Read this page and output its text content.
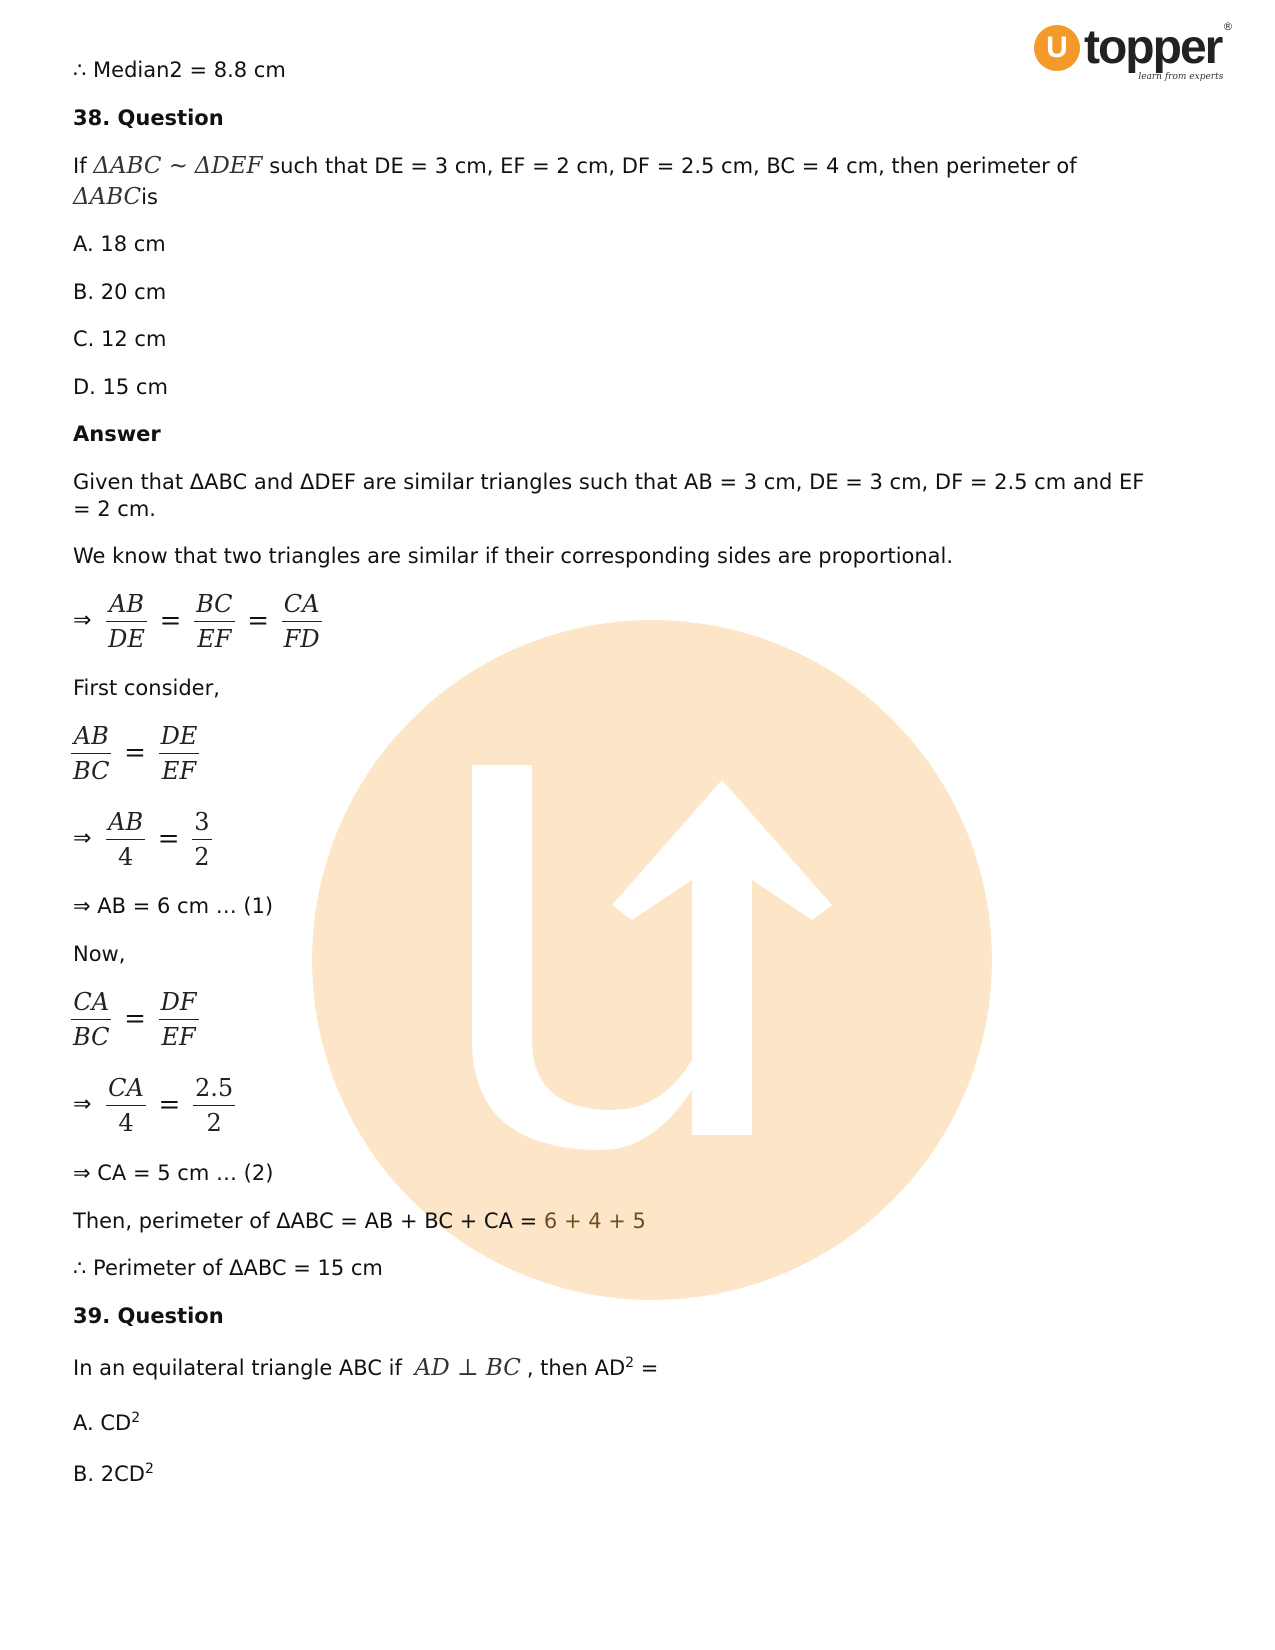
U topper ®
learn from experts
∴ Median2 = 8.8 cm
38. Question
If ΔABC ~ ΔDEF such that DE = 3 cm, EF = 2 cm, DF = 2.5 cm, BC = 4 cm, then perimeter of
ΔABCis
A. 18 cm
B. 20 cm
C. 12 cm
D. 15 cm
Answer
Given that ΔABC and ΔDEF are similar triangles such that AB = 3 cm, DE = 3 cm, DF = 2.5 cm and EF
= 2 cm.
We know that two triangles are similar if their corresponding sides are proportional.
⇒ $\frac{AB}{DE} = \frac{BC}{EF} = \frac{CA}{FD}$
First consider,
$\frac{AB}{BC} = \frac{DE}{EF}$
⇒ $\frac{AB}{4} = \frac{3}{2}$
⇒ AB = 6 cm … (1)
Now,
$\frac{CA}{BC} = \frac{DF}{EF}$
⇒ $\frac{CA}{4} = \frac{2.5}{2}$
⇒ CA = 5 cm … (2)
Then, perimeter of ΔABC = AB + BC + CA = 6 + 4 + 5
∴ Perimeter of ΔABC = 15 cm
39. Question
In an equilateral triangle ABC if AD ⊥ BC , then $AD^2$ =
A. $CD^2$
B. $2CD^2$
